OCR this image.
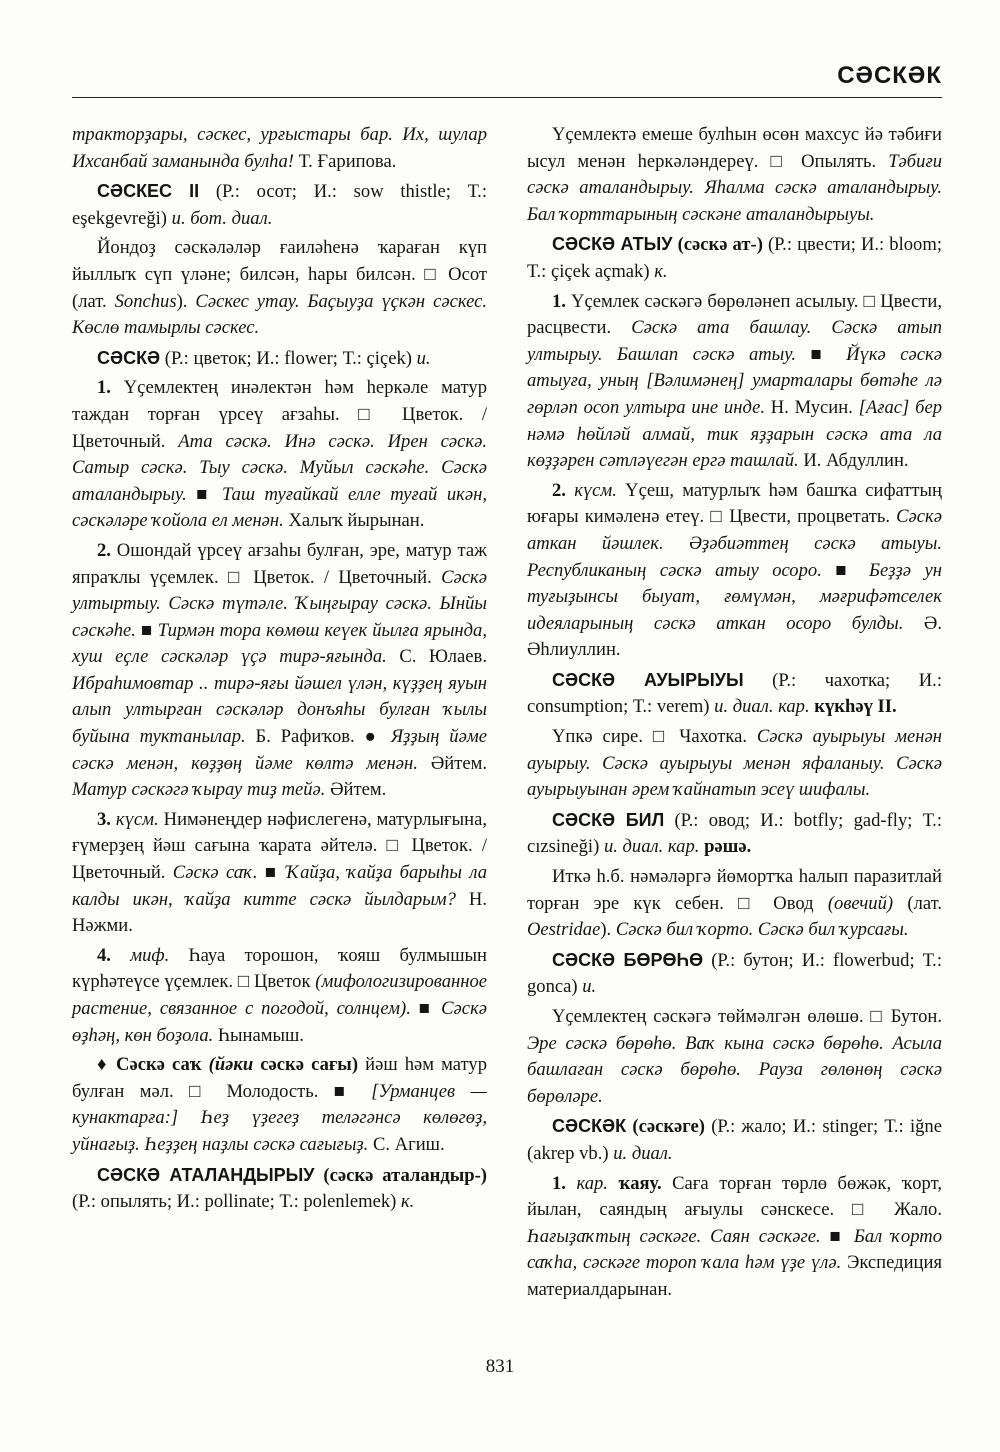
СӘСКӘК

тракторҙары, сәскес, урғыстары бар. Их, шулар Ихсанбай заманында булһа! Т. Ғарипова.

СӘСКЕС II (Р.: осот; И.: sow thistle; Т.: eşekgevreği) и. бот. диал.

Йондоҙ сәскәләләр ғаиләһенә ҡараған күп йыллыҡ сүп үләне; билсән, һары билсән. □ Осот (лат. Sonchus). Сәскес утау. Баҫыуҙа үҫкән сәскес. Көслө тамырлы сәскес.

СӘСКӘ (Р.: цветок; И.: flower; Т.: çiçek) и.

1. Үҫемлектең инәлектән һәм һеркәле матур таждан торған үрсеү ағзаһы. □ Цветок. / Цветочный. Ата сәскә. Инә сәскә. Ирен сәскә. Сатыр сәскә. Тыу сәскә. Муйыл сәскәһе. Сәскә аталандырыу. ■ Таш туғайкай елле туғай икән, сәскәләре ҡойола ел менән. Халыҡ йырынан.

2. Ошондай үрсеү ағзаһы булған, эре, матур таж япраҡлы үҫемлек. □ Цветок. / Цветочный. Сәскә ултыртыу. Сәскә түтәле. Ҡыңғырау сәскә. Ынйы сәскәһе. ■ Тирмән тора көмөш кеүек йылға ярында, хуш еҫле сәскәләр үҫә тирә-яғында. С. Юлаев. Ибраһимовтар .. тирә-яғы йәшел үлән, күҙҙең яуын алып ултырған сәскәләр донъяһы булған ҡылы буйына туктанылар. Б. Рафиҡов. ● Яҙҙың йәме сәскә менән, көҙҙөң йәме көлтә менән. Әйтем. Матур сәскәгә ҡырау тиҙ тейә. Әйтем.

3. күсм. Нимәнеңдер нәфислегенә, матурлығына, ғүмерҙең йәш сағына ҡарата әйтелә. □ Цветок. / Цветочный. Сәскә саҡ. ■ Ҡайҙа, ҡайҙа барыһы ла калды икән, ҡайҙа китте сәскә йылдарым? Н. Нәжми.

4. миф. Һауа торошон, ҡояш булмышын күрһәтеүсе үҫемлек. □ Цветок (мифологизированное растение, связанное с погодой, солнцем). ■ Сәскә өҙһәң, көн боҙола. Һынамыш.

♦ Сәскә саҡ (йәки сәскә сағы) йәш һәм матур булған мәл. □ Молодость. ■ [Урманцев — кунактарға:] Һеҙ үҙегеҙ телә‌гәнсә көлөгөҙ, уйнағыҙ. Һеҙҙең наҙлы сәскә сағығыҙ. С. Агиш.

СӘСКӘ АТАЛАНДЫРЫУ (сәскә аталандыр-) (Р.: опылять; И.: pollinate; Т.: polenlemek) к.

Үҫемлектә емеше булһын өсөн махсус йә тәбиғи ысул менән һеркәләндереү. □ Опылять. Тәбиғи сәскә аталандырыу. Яһалма сәскә аталандырыу. Бал ҡорттарының сәскәне аталандырыуы.

СӘСКӘ АТЫУ (сәскә ат-) (Р.: цвести; И.: bloom; Т.: çiçek açmak) к.

1. Үҫемлек сәскәгә бөрөләнеп асылыу. □ Цвести, расцвести. Сәскә ата башлау. Сәскә атып ултырыу. Башлап сәскә атыу. ■ Йүкә сәскә атыуға, уның [Вәлимәнең] умарталары бөтәһе лә гөрләп осоп ултыра ине инде. Н. Мусин. [Ағас] бер нәмә һөйләй алмай, тик яҙҙарын сәскә ата ла көҙҙәрен сәтләүегән ергә ташлай. И. Абдуллин.

2. күсм. Үҫеш, матурлыҡ һәм башҡа сифаттың юғары кимәленә етеү. □ Цвести, процветать. Сәскә аткан йәшлек. Әҙәбиәттең сәскә атыуы. Республиканың сәскә атыу осоро. ■ Беҙҙә ун туғыҙынсы быуат, ғөмүмән, мәғрифәтселек идеяларының сәскә аткан осоро булды. Ә. Әһлиуллин.

СӘСКӘ АУЫРЫУЫ (Р.: чахотка; И.: consumption; Т.: verem) и. диал. кар. күкһәү II.

Үпкә сире. □ Чахотка. Сәскә ауырыуы менән ауырыу. Сәскә ауырыуы менән яфаланыу. Сәскә ауырыуынан әрем ҡайнатып эсеү шифалы.

СӘСКӘ БИЛ (Р.: овод; И.: botfly; gad-fly; Т.: cızsineği) и. диал. кар. рәшә.

Иткә һ.б. нәмәләргә йөмортҡа һалып паразитлай торған эре күк себен. □ Овод (овечий) (лат. Oestridae). Сәскә бил ҡорто. Сәскә бил ҡурсағы.

СӘСКӘ БӨРӨҺӨ (Р.: бутон; И.: flowerbud; Т.: gonca) и.

Үҫемлектең сәскәгә төймәлгән өлөшө. □ Бутон. Эре сәскә бөрөһө. Ваҡ кына сәскә бөрөһө. Асыла башлаған сәскә бөрөһө. Рауза гөлөнөң сәскә бөрөләре.

СӘСКӘК (сәскәге) (Р.: жало; И.: stinger; Т.: iğne (akrep vb.) и. диал.

1. кар. ҡаяу. Саға торған төрлө бөжәк, ҡорт, йылан, саяндың ағыулы сәнскесе. □ Жало. Һағыҙаҡтың сәскәге. Саян сәскәге. ■ Бал ҡорто саҡһа, сәскәге тороп ҡала һәм үҙе үлә. Экспедиция материалдарынан.

831
